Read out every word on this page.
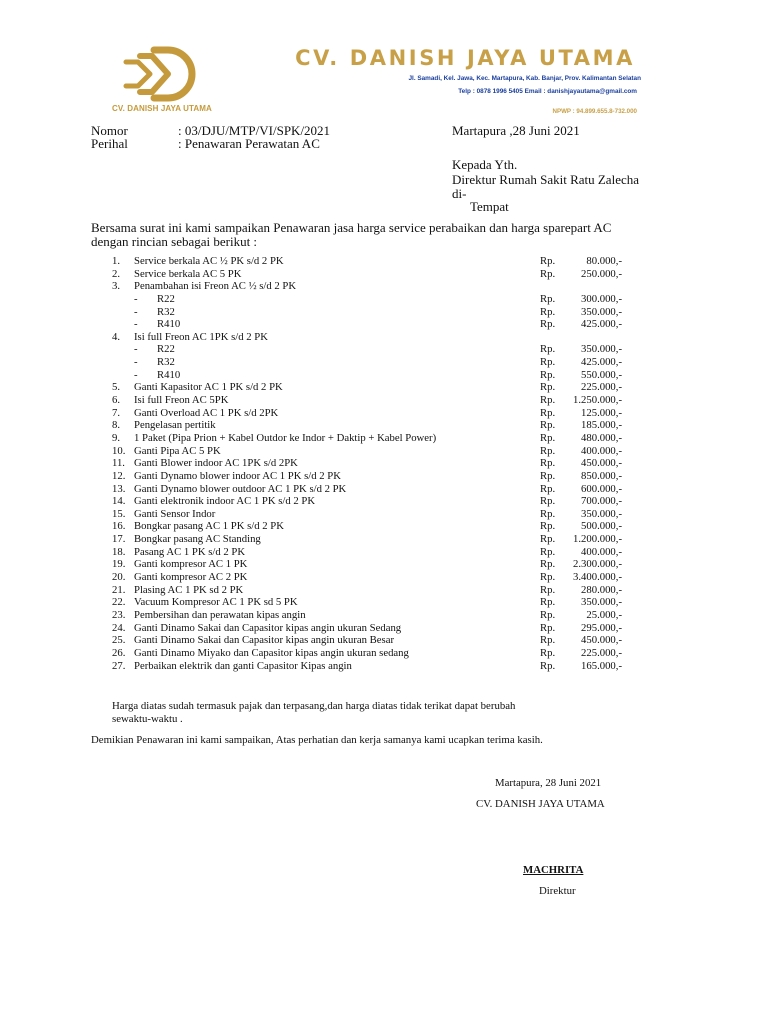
CV. DANISH JAYA UTAMA
CV. DANISH JAYA UTAMA
Jl. Samadi, Kel. Jawa, Kec. Martapura, Kab. Banjar, Prov. Kalimantan Selatan
Telp : 0878 1996 5405 Email : danishjayautama@gmail.com
NPWP : 94.899.655.8-732.000
Nomor	: 03/DJU/MTP/VI/SPK/2021
Perihal	: Penawaran Perawatan AC
Martapura ,28 Juni 2021
Kepada Yth.
Direktur Rumah Sakit Ratu Zalecha
di-
Tempat
Bersama surat ini kami sampaikan Penawaran jasa harga service perabaikan dan harga sparepart AC
dengan rincian sebagai berikut :
1. Service berkala AC ½ PK s/d 2 PK	Rp.	80.000,-
2. Service berkala AC 5 PK	Rp.	250.000,-
3. Penambahan isi Freon AC ½ s/d 2 PK
- R22	Rp.	300.000,-
- R32	Rp.	350.000,-
- R410	Rp.	425.000,-
4. Isi full Freon AC 1PK s/d 2 PK
- R22	Rp.	350.000,-
- R32	Rp.	425.000,-
- R410	Rp.	550.000,-
5. Ganti Kapasitor AC 1 PK s/d 2 PK	Rp.	225.000,-
6. Isi full Freon AC 5PK	Rp.	1.250.000,-
7. Ganti Overload AC 1 PK s/d 2PK	Rp.	125.000,-
8. Pengelasan pertitik	Rp.	185.000,-
9. 1 Paket (Pipa Prion + Kabel Outdor ke Indor + Daktip + Kabel Power)	Rp.	480.000,-
10. Ganti Pipa AC 5 PK	Rp.	400.000,-
11. Ganti Blower indoor AC 1PK s/d 2PK	Rp.	450.000,-
12. Ganti Dynamo blower indoor AC 1 PK s/d 2 PK	Rp.	850.000,-
13. Ganti Dynamo blower outdoor AC 1 PK s/d 2 PK	Rp.	600.000,-
14. Ganti elektronik indoor AC 1 PK s/d 2 PK	Rp.	700.000,-
15. Ganti Sensor Indor	Rp.	350.000,-
16. Bongkar pasang AC 1 PK s/d 2 PK	Rp.	500.000,-
17. Bongkar pasang AC Standing	Rp.	1.200.000,-
18. Pasang AC 1 PK s/d 2 PK	Rp.	400.000,-
19. Ganti kompresor AC 1 PK	Rp.	2.300.000,-
20. Ganti kompresor AC 2 PK	Rp.	3.400.000,-
21. Plasing AC 1 PK sd 2 PK	Rp.	280.000,-
22. Vacuum Kompresor AC 1 PK sd 5 PK	Rp.	350.000,-
23. Pembersihan dan perawatan kipas angin	Rp.	25.000,-
24. Ganti Dinamo Sakai dan Capasitor kipas angin ukuran Sedang	Rp.	295.000,-
25. Ganti Dinamo Sakai dan Capasitor kipas angin ukuran Besar	Rp.	450.000,-
26. Ganti Dinamo Miyako dan Capasitor kipas angin ukuran sedang	Rp.	225.000,-
27. Perbaikan elektrik dan ganti Capasitor Kipas angin	Rp.	165.000,-
Harga diatas sudah termasuk pajak dan terpasang,dan harga diatas tidak terikat dapat berubah
sewaktu-waktu .
Demikian Penawaran ini kami sampaikan, Atas perhatian dan kerja samanya kami ucapkan terima kasih.
Martapura, 28 Juni 2021
CV. DANISH JAYA UTAMA
MACHRITA
Direktur
